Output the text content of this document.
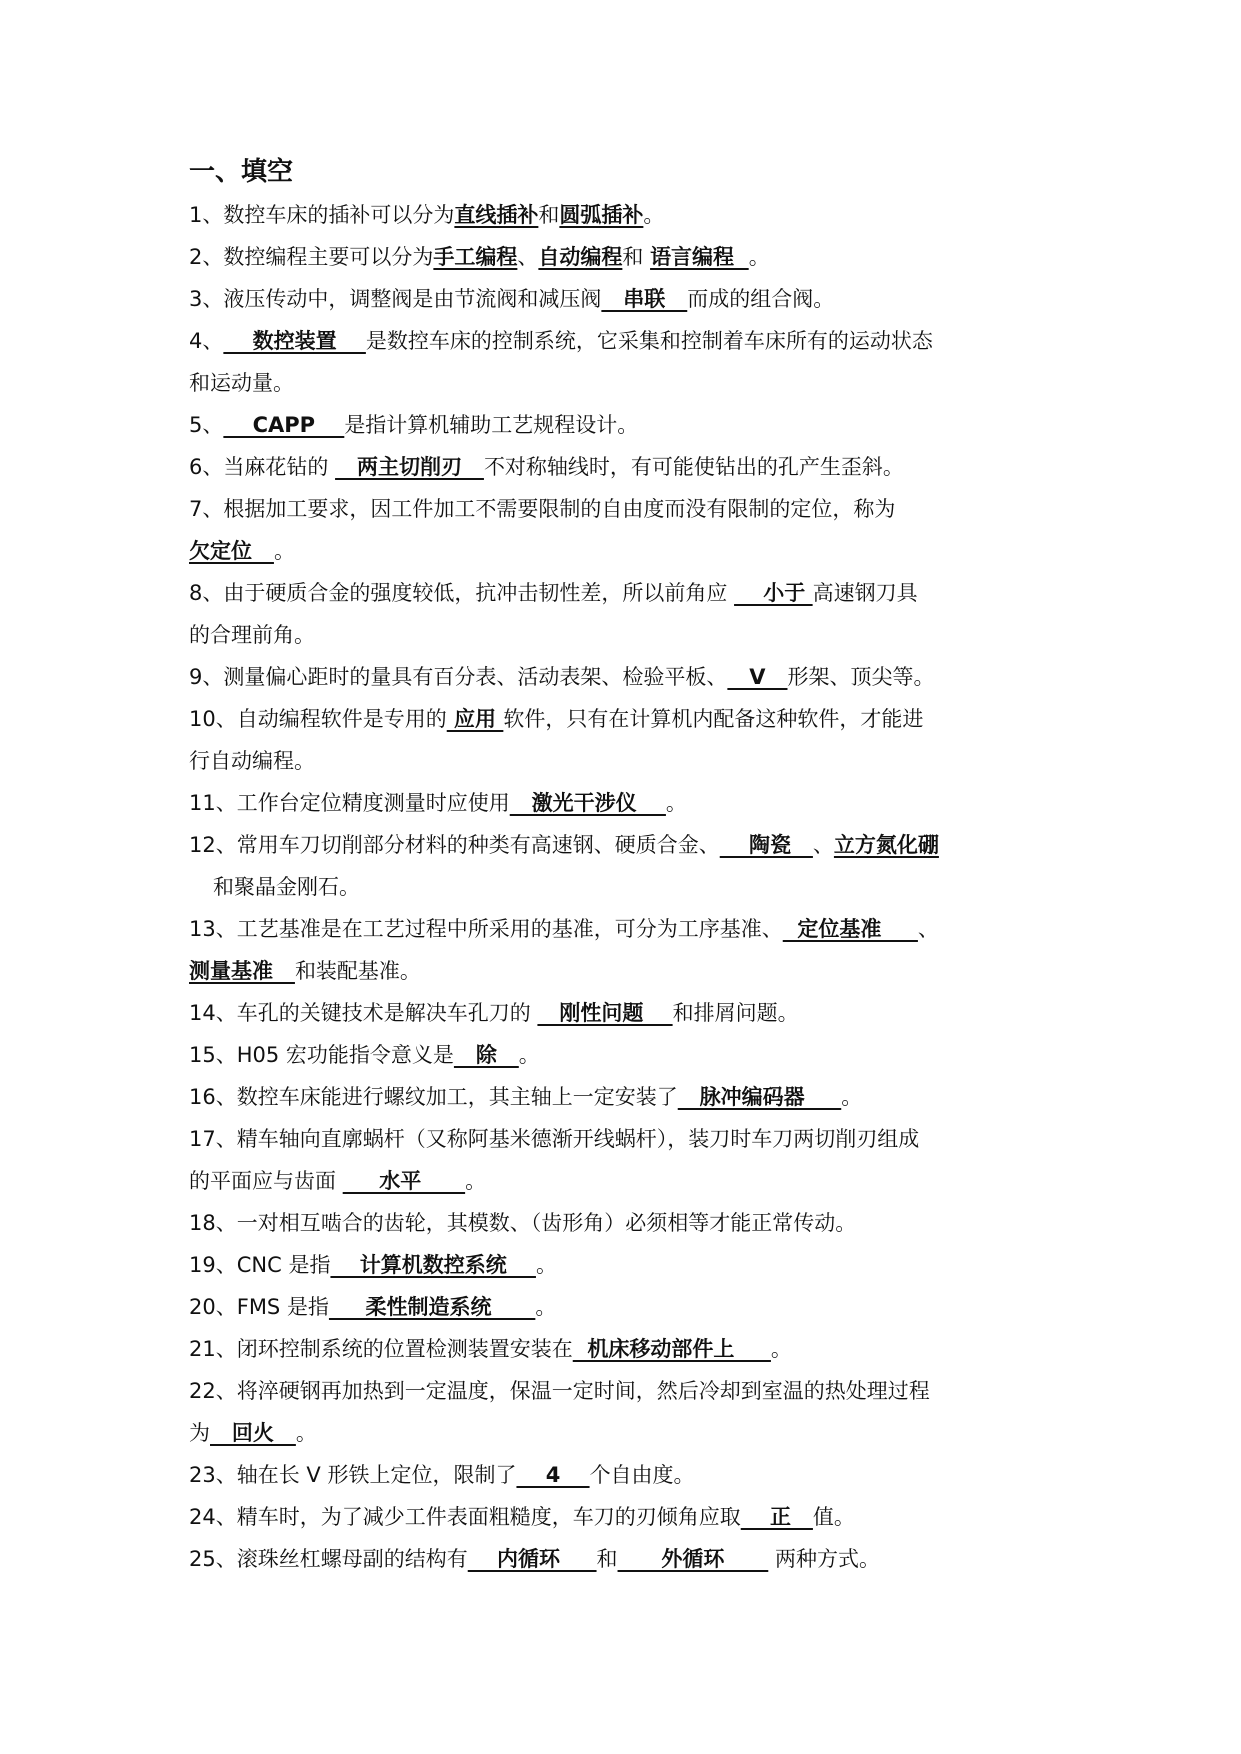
一、填空
1、数控车床的插补可以分为直线插补和圆弧插补。
2、数控编程主要可以分为手工编程、自动编程和 语言编程  。
3、液压传动中，调整阀是由节流阀和减压阀   串联   而成的组合阀。
4、    数控装置    是数控车床的控制系统，它采集和控制着车床所有的运动状态
和运动量。
5、    CAPP    是指计算机辅助工艺规程设计。
6、当麻花钻的    两主切削刃   不对称轴线时，有可能使钻出的孔产生歪斜。
7、根据加工要求，因工件加工不需要限制的自由度而没有限制的定位，称为
欠定位   。
8、由于硬质合金的强度较低，抗冲击韧性差，所以前角应     小于 高速钢刀具
的合理前角。
9、测量偏心距时的量具有百分表、活动表架、检验平板、   V   形架、顶尖等。
10、自动编程软件是专用的 应用 软件，只有在计算机内配备这种软件，才能进
行自动编程。
11、工作台定位精度测量时应使用   激光干涉仪    。
12、常用车刀切削部分材料的种类有高速钢、硬质合金、    陶瓷   、立方氮化硼
和聚晶金刚石。
13、工艺基准是在工艺过程中所采用的基准，可分为工序基准、  定位基准     、
测量基准   和装配基准。
14、车孔的关键技术是解决车孔刀的    刚性问题    和排屑问题。
15、H05 宏功能指令意义是   除   。
16、数控车床能进行螺纹加工，其主轴上一定安装了   脉冲编码器     。
17、精车轴向直廓蜗杆（又称阿基米德渐开线蜗杆），装刀时车刀两切削刃组成
的平面应与齿面      水平      。
18、一对相互啮合的齿轮，其模数、（齿形角）必须相等才能正常传动。
19、CNC 是指    计算机数控系统    。
20、FMS 是指     柔性制造系统      。
21、闭环控制系统的位置检测装置安装在  机床移动部件上     。
22、将淬硬钢再加热到一定温度，保温一定时间，然后冷却到室温的热处理过程
为   回火   。
23、轴在长 V 形铁上定位，限制了    4    个自由度。
24、精车时，为了减少工件表面粗糙度，车刀的刃倾角应取    正   值。
25、滚珠丝杠螺母副的结构有    内循环     和      外循环       两种方式。
